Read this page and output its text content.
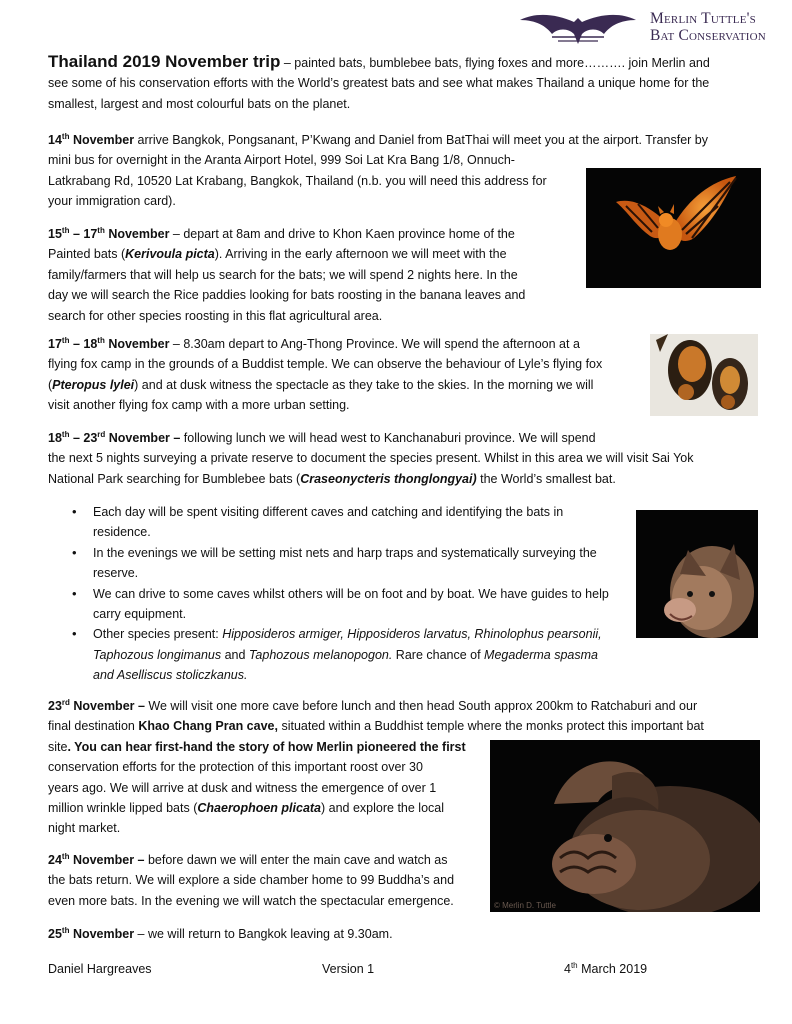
Merlin Tuttle's
Bat Conservation
Thailand 2019 November trip – painted bats, bumblebee bats, flying foxes and more………. join Merlin and
see some of his conservation efforts with the World’s greatest bats and see what makes Thailand a unique home for the
smallest, largest and most colourful bats on the planet.
14th November arrive Bangkok, Pongsanant, P’Kwang and Daniel from BatThai will meet you at the airport. Transfer by
mini bus for overnight in the Aranta Airport Hotel, 999 Soi Lat Kra Bang 1/8, Onnuch-
Latkrabang Rd, 10520 Lat Krabang, Bangkok, Thailand (n.b. you will need this address for
your immigration card).
15th – 17th November – depart at 8am and drive to Khon Kaen province home of the
Painted bats (Kerivoula picta). Arriving in the early afternoon we will meet with the
family/farmers that will help us search for the bats; we will spend 2 nights here. In the
day we will search the Rice paddies looking for bats roosting in the banana leaves and
search for other species roosting in this flat agricultural area.
17th – 18th November – 8.30am depart to Ang-Thong Province. We will spend the afternoon at a
flying fox camp in the grounds of a Buddist temple. We can observe the behaviour of Lyle’s flying fox
(Pteropus lylei) and at dusk witness the spectacle as they take to the skies. In the morning we will
visit another flying fox camp with a more urban setting.
18th – 23rd November – following lunch we will head west to Kanchanaburi province. We will spend
the next 5 nights surveying a private reserve to document the species present. Whilst in this area we will visit Sai Yok
National Park searching for Bumblebee bats (Craseonycteris thonglongyai) the World’s smallest bat.
• Each day will be spent visiting different caves and catching and identifying the bats in residence.
• In the evenings we will be setting mist nets and harp traps and systematically surveying the reserve.
• We can drive to some caves whilst others will be on foot and by boat. We have guides to help carry equipment.
• Other species present: Hipposideros armiger, Hipposideros larvatus, Rhinolophus pearsonii, Taphozous longimanus and Taphozous melanopogon. Rare chance of Megaderma spasma and Aselliscus stoliczkanus.
23rd November – We will visit one more cave before lunch and then head South approx 200km to Ratchaburi and our
final destination Khao Chang Pran cave, situated within a Buddhist temple where the monks protect this important bat
site. You can hear first-hand the story of how Merlin pioneered the first
conservation efforts for the protection of this important roost over 30
years ago. We will arrive at dusk and witness the emergence of over 1
million wrinkle lipped bats (Chaerophoen plicata) and explore the local
night market.
© Merlin D. Tuttle
24th November – before dawn we will enter the main cave and watch as
the bats return. We will explore a side chamber home to 99 Buddha’s and
even more bats. In the evening we will watch the spectacular emergence.
25th November – we will return to Bangkok leaving at 9.30am.
Daniel Hargreaves	Version 1	4th March 2019
